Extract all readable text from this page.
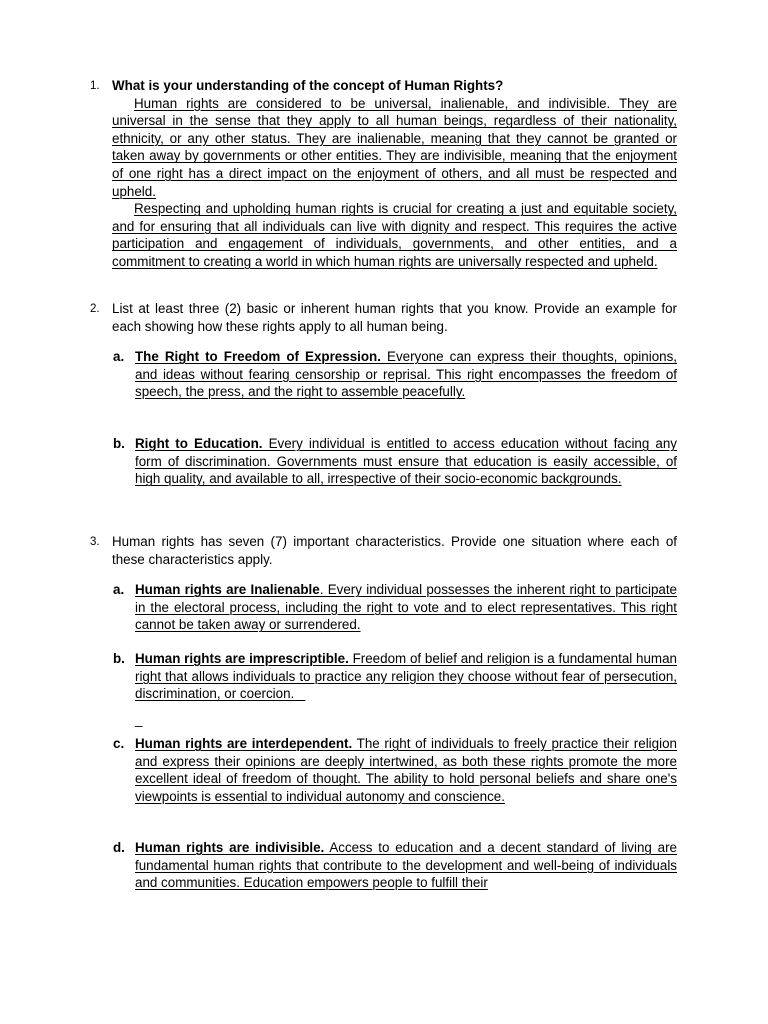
1. What is your understanding of the concept of Human Rights?

Human rights are considered to be universal, inalienable, and indivisible. They are universal in the sense that they apply to all human beings, regardless of their nationality, ethnicity, or any other status. They are inalienable, meaning that they cannot be granted or taken away by governments or other entities. They are indivisible, meaning that the enjoyment of one right has a direct impact on the enjoyment of others, and all must be respected and upheld.

Respecting and upholding human rights is crucial for creating a just and equitable society, and for ensuring that all individuals can live with dignity and respect. This requires the active participation and engagement of individuals, governments, and other entities, and a commitment to creating a world in which human rights are universally respected and upheld.

2. List at least three (2) basic or inherent human rights that you know. Provide an example for each showing how these rights apply to all human being.
a. The Right to Freedom of Expression. Everyone can express their thoughts, opinions, and ideas without fearing censorship or reprisal. This right encompasses the freedom of speech, the press, and the right to assemble peacefully.
b. Right to Education. Every individual is entitled to access education without facing any form of discrimination. Governments must ensure that education is easily accessible, of high quality, and available to all, irrespective of their socio-economic backgrounds.
3. Human rights has seven (7) important characteristics. Provide one situation where each of these characteristics apply.
a. Human rights are Inalienable. Every individual possesses the inherent right to participate in the electoral process, including the right to vote and to elect representatives. This right cannot be taken away or surrendered.
b. Human rights are imprescriptible. Freedom of belief and religion is a fundamental human right that allows individuals to practice any religion they choose without fear of persecution, discrimination, or coercion.
_
c. Human rights are interdependent. The right of individuals to freely practice their religion and express their opinions are deeply intertwined, as both these rights promote the more excellent ideal of freedom of thought. The ability to hold personal beliefs and share one's viewpoints is essential to individual autonomy and conscience.
d. Human rights are indivisible. Access to education and a decent standard of living are fundamental human rights that contribute to the development and well-being of individuals and communities. Education empowers people to fulfill their
